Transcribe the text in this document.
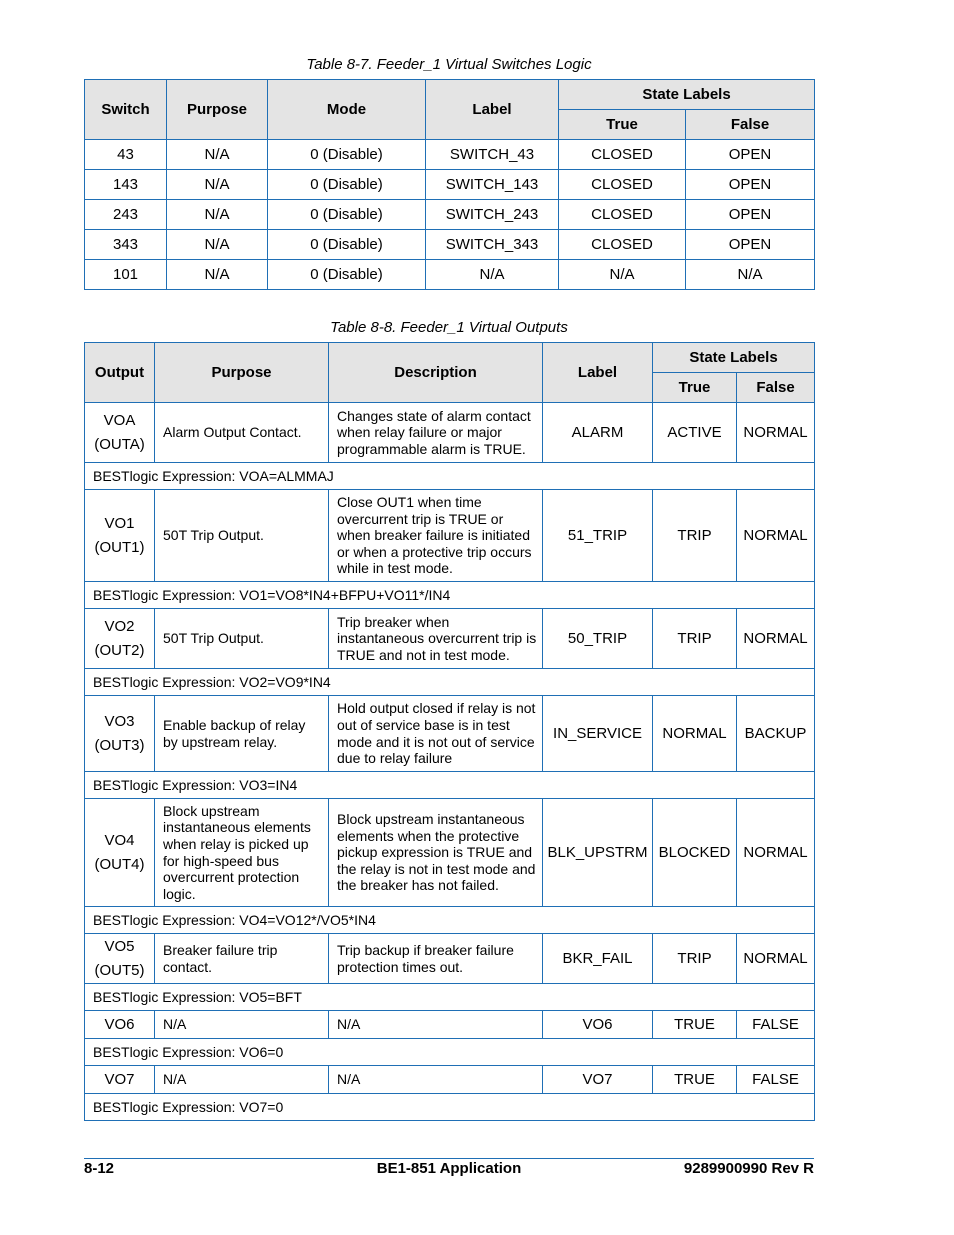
Table 8-7. Feeder_1 Virtual Switches Logic
Switch	Purpose	Mode	Label	State Labels	
				True	False
43	N/A	0 (Disable)	SWITCH_43	CLOSED	OPEN
143	N/A	0 (Disable)	SWITCH_143	CLOSED	OPEN
243	N/A	0 (Disable)	SWITCH_243	CLOSED	OPEN
343	N/A	0 (Disable)	SWITCH_343	CLOSED	OPEN
101	N/A	0 (Disable)	N/A	N/A	N/A
Table 8-8. Feeder_1 Virtual Outputs
Output	Purpose	Description	Label	State Labels	
				True	False

VOA
(OUTA)	Alarm Output Contact.	Changes state of alarm contact when relay failure or major programmable alarm is TRUE.	ALARM	ACTIVE	NORMAL
BESTlogic Expression: VOA=ALMMAJ					

VO1
(OUT1)	50T Trip Output.	Close OUT1 when time overcurrent trip is TRUE or when breaker failure is initiated or when a protective trip occurs while in test mode.	51_TRIP	TRIP	NORMAL
BESTlogic Expression: VO1=VO8*IN4+BFPU+VO11*/IN4					

VO2
(OUT2)	50T Trip Output.	Trip breaker when instantaneous overcurrent trip is TRUE and not in test mode.	50_TRIP	TRIP	NORMAL
BESTlogic Expression: VO2=VO9*IN4					

VO3
(OUT3)	Enable backup of relay by upstream relay.	Hold output closed if relay is not out of service base is in test mode and it is not out of service due to relay failure	IN_SERVICE	NORMAL	BACKUP
BESTlogic Expression: VO3=IN4					

VO4
(OUT4)	Block upstream instantaneous elements when relay is picked up for high-speed bus overcurrent protection logic.	Block upstream instantaneous elements when the protective pickup expression is TRUE and the relay is not in test mode and the breaker has not failed.	BLK_UPSTRM	BLOCKED	NORMAL
BESTlogic Expression: VO4=VO12*/VO5*IN4					

VO5
(OUT5)	Breaker failure trip contact.	Trip backup if breaker failure protection times out.	BKR_FAIL	TRIP	NORMAL
BESTlogic Expression: VO5=BFT					

VO6	N/A	N/A	VO6	TRUE	FALSE
BESTlogic Expression: VO6=0					

VO7	N/A	N/A	VO7	TRUE	FALSE
BESTlogic Expression: VO7=0					
8-12	BE1-851 Application	9289900990 Rev R
